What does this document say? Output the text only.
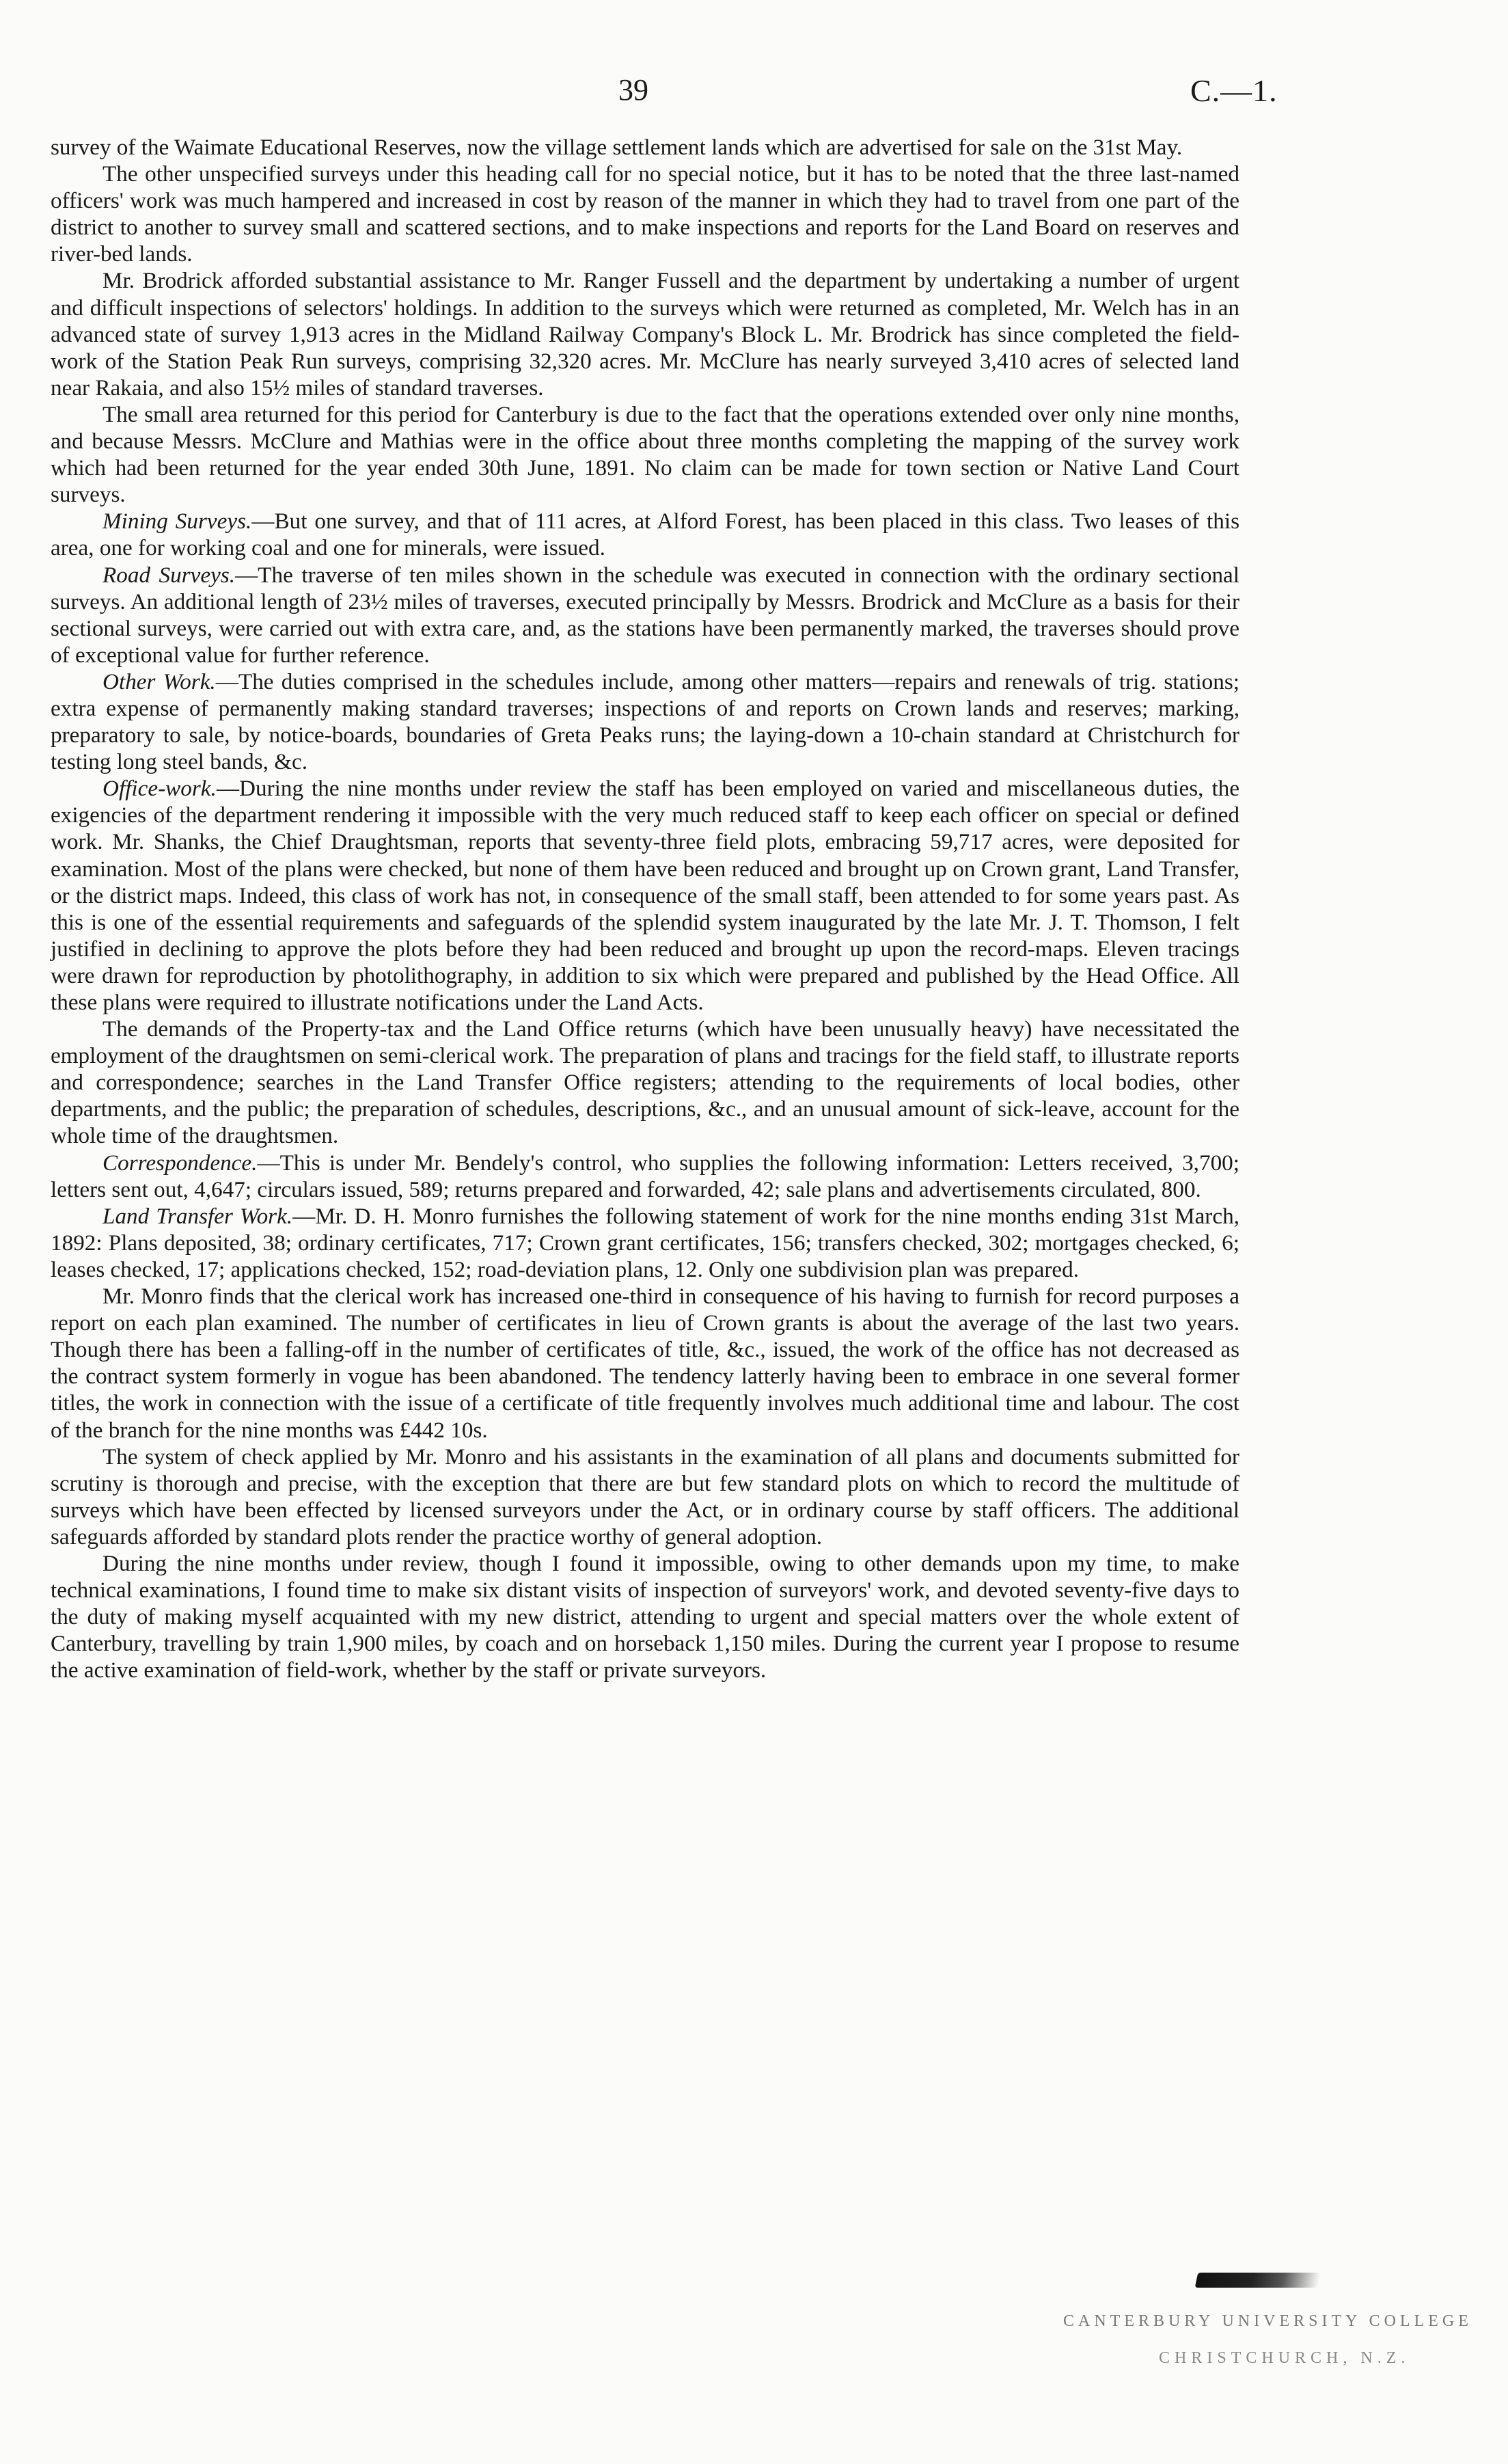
39	C.—1.

survey of the Waimate Educational Reserves, now the village settlement lands which are advertised for sale on the 31st May.

The other unspecified surveys under this heading call for no special notice, but it has to be noted that the three last-named officers' work was much hampered and increased in cost by reason of the manner in which they had to travel from one part of the district to another to survey small and scattered sections, and to make inspections and reports for the Land Board on reserves and river-bed lands.

Mr. Brodrick afforded substantial assistance to Mr. Ranger Fussell and the department by undertaking a number of urgent and difficult inspections of selectors' holdings. In addition to the surveys which were returned as completed, Mr. Welch has in an advanced state of survey 1,913 acres in the Midland Railway Company's Block L. Mr. Brodrick has since completed the field-work of the Station Peak Run surveys, comprising 32,320 acres. Mr. McClure has nearly surveyed 3,410 acres of selected land near Rakaia, and also 15½ miles of standard traverses.

The small area returned for this period for Canterbury is due to the fact that the operations extended over only nine months, and because Messrs. McClure and Mathias were in the office about three months completing the mapping of the survey work which had been returned for the year ended 30th June, 1891. No claim can be made for town section or Native Land Court surveys.

Mining Surveys.—But one survey, and that of 111 acres, at Alford Forest, has been placed in this class. Two leases of this area, one for working coal and one for minerals, were issued.

Road Surveys.—The traverse of ten miles shown in the schedule was executed in connection with the ordinary sectional surveys. An additional length of 23½ miles of traverses, executed principally by Messrs. Brodrick and McClure as a basis for their sectional surveys, were carried out with extra care, and, as the stations have been permanently marked, the traverses should prove of exceptional value for further reference.

Other Work.—The duties comprised in the schedules include, among other matters—repairs and renewals of trig. stations; extra expense of permanently making standard traverses; inspections of and reports on Crown lands and reserves; marking, preparatory to sale, by notice-boards, boundaries of Greta Peaks runs; the laying-down a 10-chain standard at Christchurch for testing long steel bands, &c.

Office-work.—During the nine months under review the staff has been employed on varied and miscellaneous duties, the exigencies of the department rendering it impossible with the very much reduced staff to keep each officer on special or defined work. Mr. Shanks, the Chief Draughtsman, reports that seventy-three field plots, embracing 59,717 acres, were deposited for examination. Most of the plans were checked, but none of them have been reduced and brought up on Crown grant, Land Transfer, or the district maps. Indeed, this class of work has not, in consequence of the small staff, been attended to for some years past. As this is one of the essential requirements and safeguards of the splendid system inaugurated by the late Mr. J. T. Thomson, I felt justified in declining to approve the plots before they had been reduced and brought up upon the record-maps. Eleven tracings were drawn for reproduction by photolithography, in addition to six which were prepared and published by the Head Office. All these plans were required to illustrate notifications under the Land Acts.

The demands of the Property-tax and the Land Office returns (which have been unusually heavy) have necessitated the employment of the draughtsmen on semi-clerical work. The preparation of plans and tracings for the field staff, to illustrate reports and correspondence; searches in the Land Transfer Office registers; attending to the requirements of local bodies, other departments, and the public; the preparation of schedules, descriptions, &c., and an unusual amount of sick-leave, account for the whole time of the draughtsmen.

Correspondence.—This is under Mr. Bendely's control, who supplies the following information: Letters received, 3,700; letters sent out, 4,647; circulars issued, 589; returns prepared and forwarded, 42; sale plans and advertisements circulated, 800.

Land Transfer Work.—Mr. D. H. Monro furnishes the following statement of work for the nine months ending 31st March, 1892: Plans deposited, 38; ordinary certificates, 717; Crown grant certificates, 156; transfers checked, 302; mortgages checked, 6; leases checked, 17; applications checked, 152; road-deviation plans, 12. Only one subdivision plan was prepared.

Mr. Monro finds that the clerical work has increased one-third in consequence of his having to furnish for record purposes a report on each plan examined. The number of certificates in lieu of Crown grants is about the average of the last two years. Though there has been a falling-off in the number of certificates of title, &c., issued, the work of the office has not decreased as the contract system formerly in vogue has been abandoned. The tendency latterly having been to embrace in one several former titles, the work in connection with the issue of a certificate of title frequently involves much additional time and labour. The cost of the branch for the nine months was £442 10s.

The system of check applied by Mr. Monro and his assistants in the examination of all plans and documents submitted for scrutiny is thorough and precise, with the exception that there are but few standard plots on which to record the multitude of surveys which have been effected by licensed surveyors under the Act, or in ordinary course by staff officers. The additional safeguards afforded by standard plots render the practice worthy of general adoption.

During the nine months under review, though I found it impossible, owing to other demands upon my time, to make technical examinations, I found time to make six distant visits of inspection of surveyors' work, and devoted seventy-five days to the duty of making myself acquainted with my new district, attending to urgent and special matters over the whole extent of Canterbury, travelling by train 1,900 miles, by coach and on horseback 1,150 miles. During the current year I propose to resume the active examination of field-work, whether by the staff or private surveyors.

CANTERBURY UNIVERSITY COLLEGE
CHRISTCHURCH, N.Z.
